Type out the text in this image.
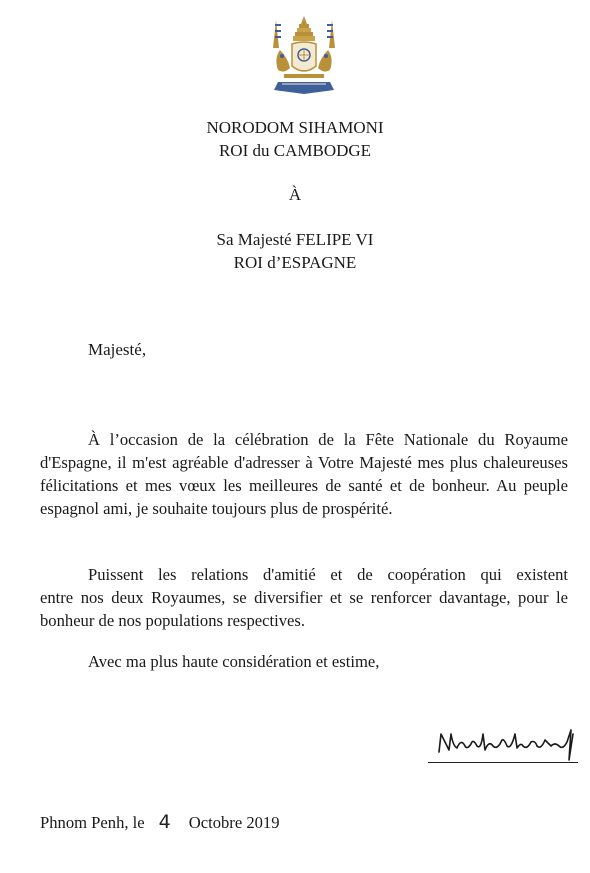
NORODOM SIHAMONI
ROI du CAMBODGE
À
Sa Majesté FELIPE VI
ROI d’ESPAGNE
Majesté,
À l’occasion de la célébration de la Fête Nationale du Royaume
d'Espagne, il m'est agréable d'adresser à Votre Majesté mes plus chaleureuses félicitations et mes vœux les meilleures de santé et de bonheur. Au peuple espagnol ami, je souhaite toujours plus de prospérité.
Puissent les relations d'amitié et de coopération qui existent
entre nos deux Royaumes, se diversifier et se renforcer davantage, pour le bonheur de nos populations respectives.
Avec ma plus haute considération et estime,
Phnom Penh, le 4 Octobre 2019
